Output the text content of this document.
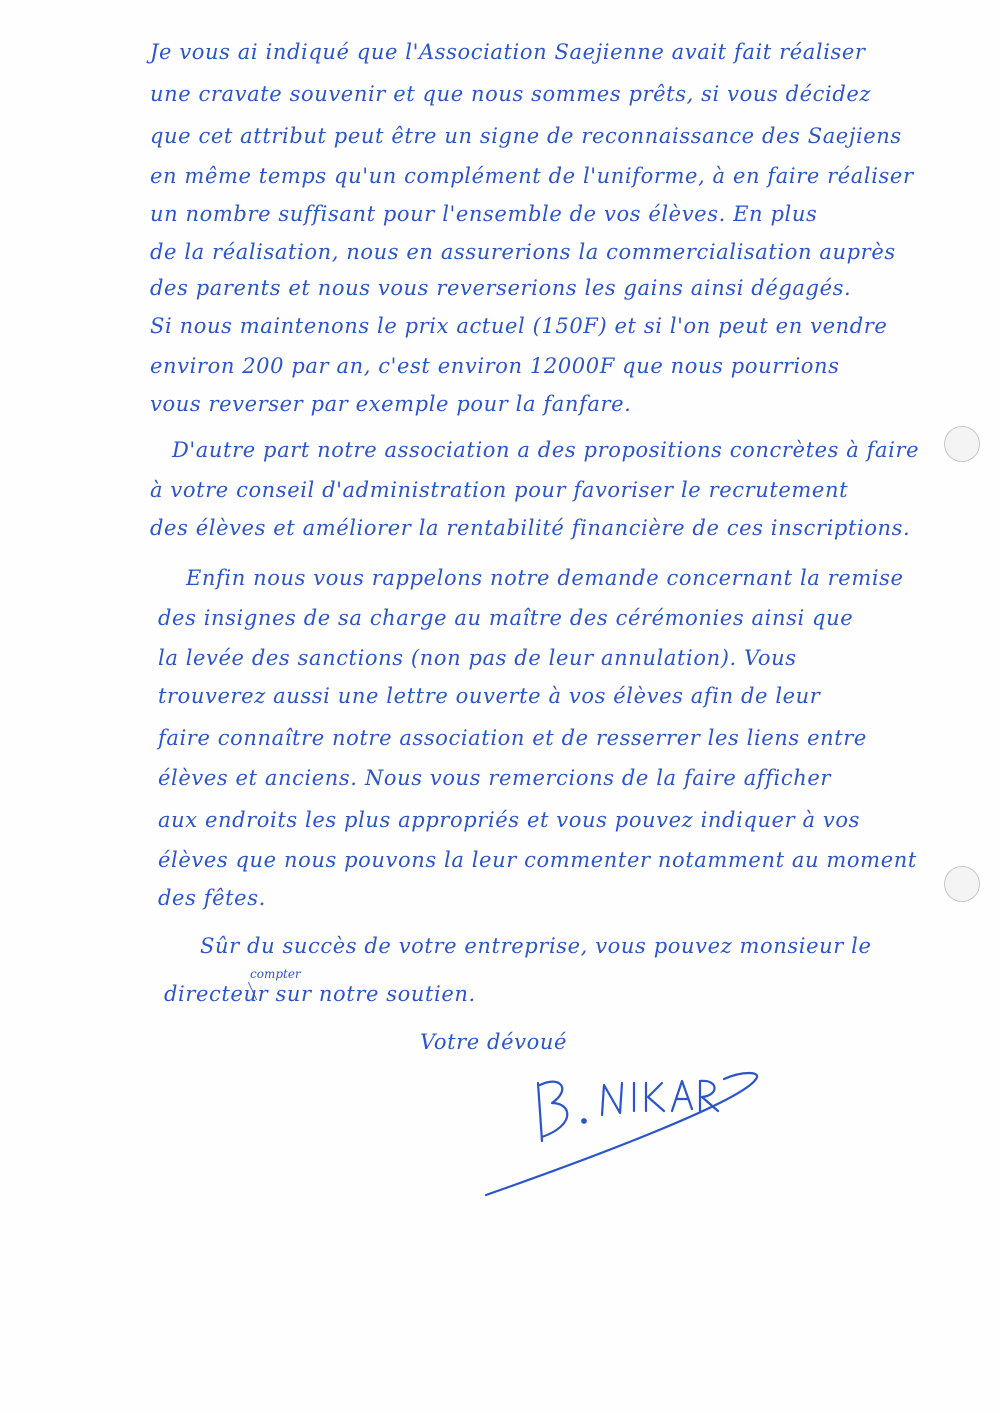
Je vous ai indiqué que l'Association Saejienne avait fait réaliser
une cravate souvenir et que nous sommes prêts, si vous décidez
que cet attribut peut être un signe de reconnaissance des Saejiens
en même temps qu'un complément de l'uniforme, à en faire réaliser
un nombre suffisant pour l'ensemble de vos élèves. En plus
de la réalisation, nous en assurerions la commercialisation auprès
des parents et nous vous reverserions les gains ainsi dégagés.
Si nous maintenons le prix actuel (150F) et si l'on peut en vendre
environ 200 par an, c'est environ 12000F que nous pourrions
vous reverser par exemple pour la fanfare.
D'autre part notre association a des propositions concrètes à faire
à votre conseil d'administration pour favoriser le recrutement
des élèves et améliorer la rentabilité financière de ces inscriptions.
Enfin nous vous rappelons notre demande concernant la remise
des insignes de sa charge au maître des cérémonies ainsi que
la levée des sanctions (non pas de leur annulation). Vous
trouverez aussi une lettre ouverte à vos élèves afin de leur
faire connaître notre association et de resserrer les liens entre
élèves et anciens. Nous vous remercions de la faire afficher
aux endroits les plus appropriés et vous pouvez indiquer à vos
élèves que nous pouvons la leur commenter notamment au moment
des fêtes.
Sûr du succès de votre entreprise, vous pouvez monsieur le
directeur sur notre soutien.
compter
Votre dévoué
